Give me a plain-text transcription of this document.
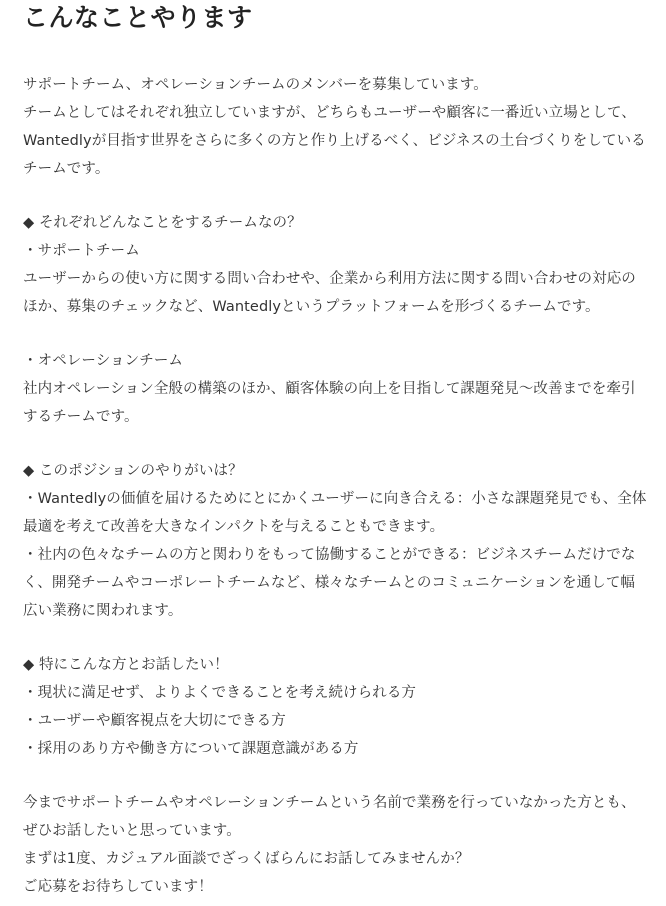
こんなことやります
サポートチーム、オペレーションチームのメンバーを募集しています。
チームとしてはそれぞれ独立していますが、どちらもユーザーや顧客に一番近い立場として、
Wantedlyが目指す世界をさらに多くの方と作り上げるべく、ビジネスの土台づくりをしている
チームです。
◆ それぞれどんなことをするチームなの？
・サポートチーム
ユーザーからの使い方に関する問い合わせや、企業から利用方法に関する問い合わせの対応の
ほか、募集のチェックなど、Wantedlyというプラットフォームを形づくるチームです。
・オペレーションチーム
社内オペレーション全般の構築のほか、顧客体験の向上を目指して課題発見〜改善までを牽引
するチームです。
◆ このポジションのやりがいは？
・Wantedlyの価値を届けるためにとにかくユーザーに向き合える：小さな課題発見でも、全体
最適を考えて改善を大きなインパクトを与えることもできます。
・社内の色々なチームの方と関わりをもって協働することができる：ビジネスチームだけでな
く、開発チームやコーポレートチームなど、様々なチームとのコミュニケーションを通して幅
広い業務に関われます。
◆ 特にこんな方とお話したい！
・現状に満足せず、よりよくできることを考え続けられる方
・ユーザーや顧客視点を大切にできる方
・採用のあり方や働き方について課題意識がある方
今までサポートチームやオペレーションチームという名前で業務を行っていなかった方とも、
ぜひお話したいと思っています。
まずは1度、カジュアル面談でざっくばらんにお話してみませんか？
ご応募をお待ちしています！
